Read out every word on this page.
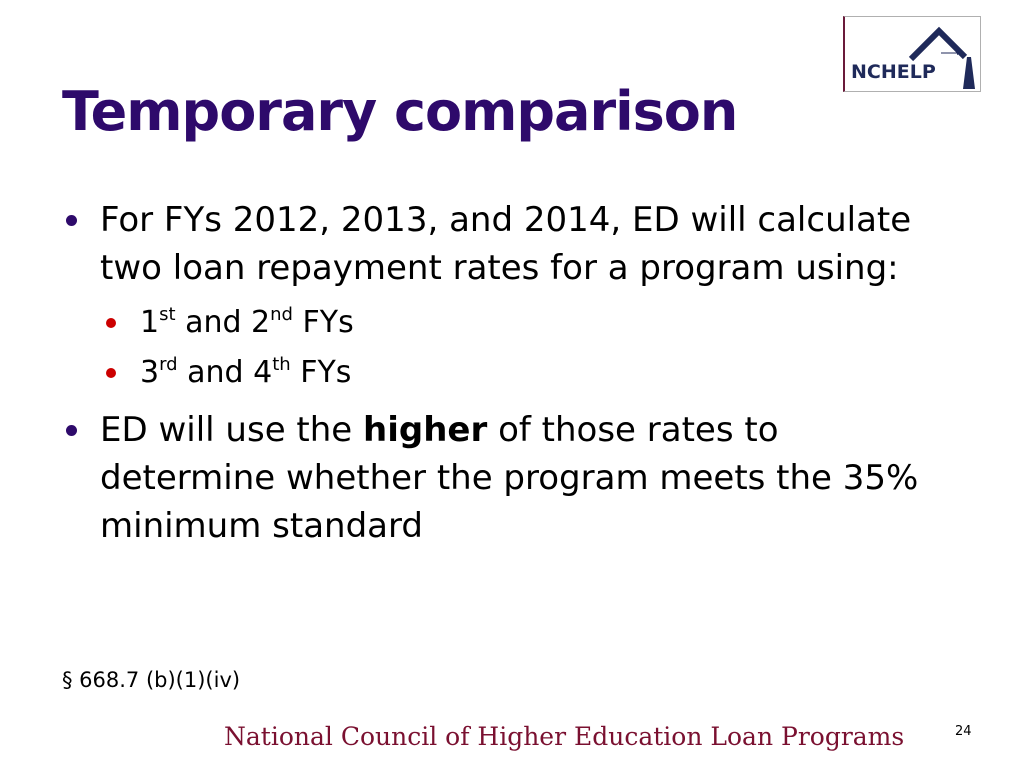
NCHELP
Temporary comparison
For FYs 2012, 2013, and 2014, ED will calculate two loan repayment rates for a program using:
1st and 2nd FYs
3rd and 4th FYs
ED will use the higher of those rates to determine whether the program meets the 35% minimum standard
§ 668.7 (b)(1)(iv)
National Council of Higher Education Loan Programs	24
